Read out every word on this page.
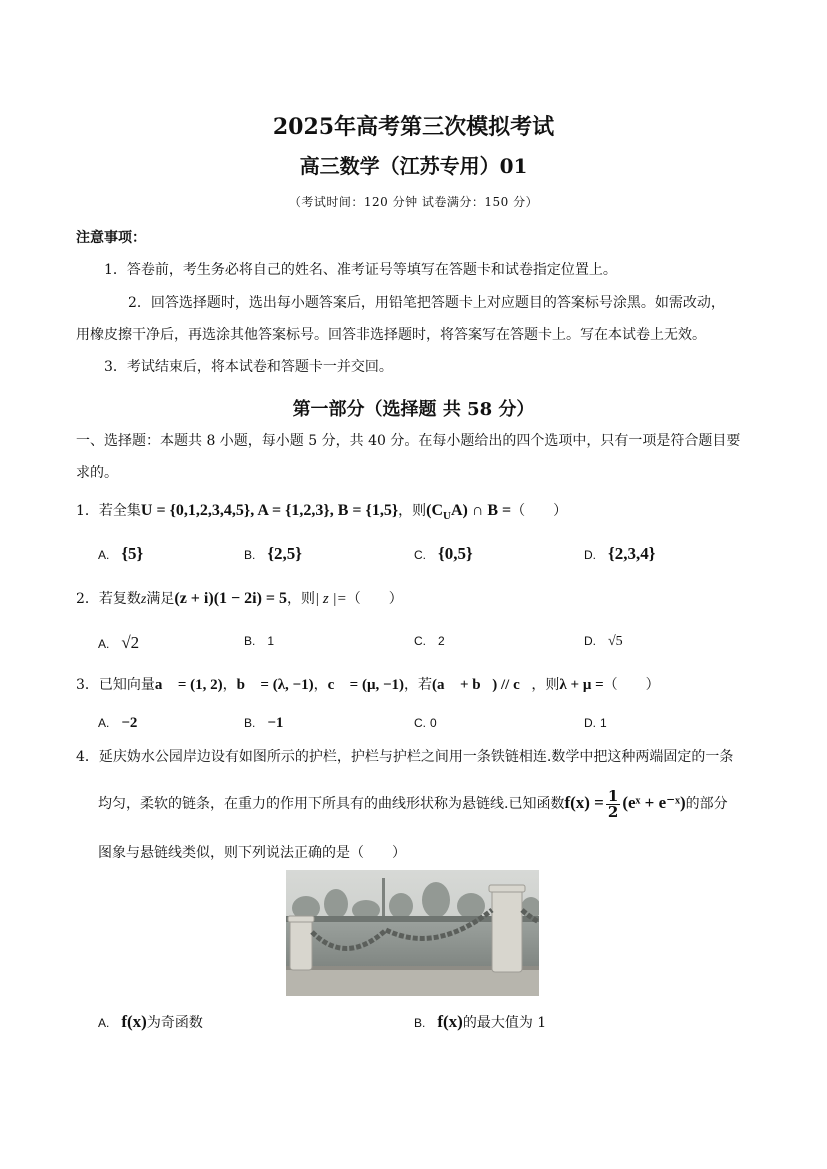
2025年高考第三次模拟考试
高三数学（江苏专用）01
（考试时间：120 分钟 试卷满分：150 分）
注意事项：
1．答卷前，考生务必将自己的姓名、准考证号等填写在答题卡和试卷指定位置上。
2．回答选择题时，选出每小题答案后，用铅笔把答题卡上对应题目的答案标号涂黑。如需改动，
用橡皮擦干净后，再选涂其他答案标号。回答非选择题时，将答案写在答题卡上。写在本试卷上无效。
3．考试结束后，将本试卷和答题卡一并交回。
第一部分（选择题 共 58 分）
一、选择题：本题共 8 小题，每小题 5 分，共 40 分。在每小题给出的四个选项中，只有一项是符合题目要
求的。
1．若全集U = {0,1,2,3,4,5}, A = {1,2,3}, B = {1,5}，则$(C_UA)$ ∩ B =（　　）
A. {5}	B. {2,5}	C. {0,5}	D. {2,3,4}
2．若复数z满足(z + i)(1 − 2i) = 5，则| z |=（　　）
A. √2	B. 1	C. 2	D. √5
3．已知向量a⃗ = (1, 2)，b⃗ = (λ, −1)，c⃗ = (μ, −1)，若(a⃗ + b⃗) // c⃗，则λ + μ =（　　）
A. −2	B. −1	C. 0	D. 1
4．延庆妫水公园岸边设有如图所示的护栏，护栏与护栏之间用一条铁链相连.数学中把这种两端固定的一条
均匀，柔软的链条，在重力的作用下所具有的曲线形状称为悬链线.已知函数$f(x) = \frac{1}{2}$ (eˣ + e⁻ˣ)的部分
图象与悬链线类似，则下列说法正确的是（　　）
A. f(x)为奇函数	B. f(x)的最大值为 1
